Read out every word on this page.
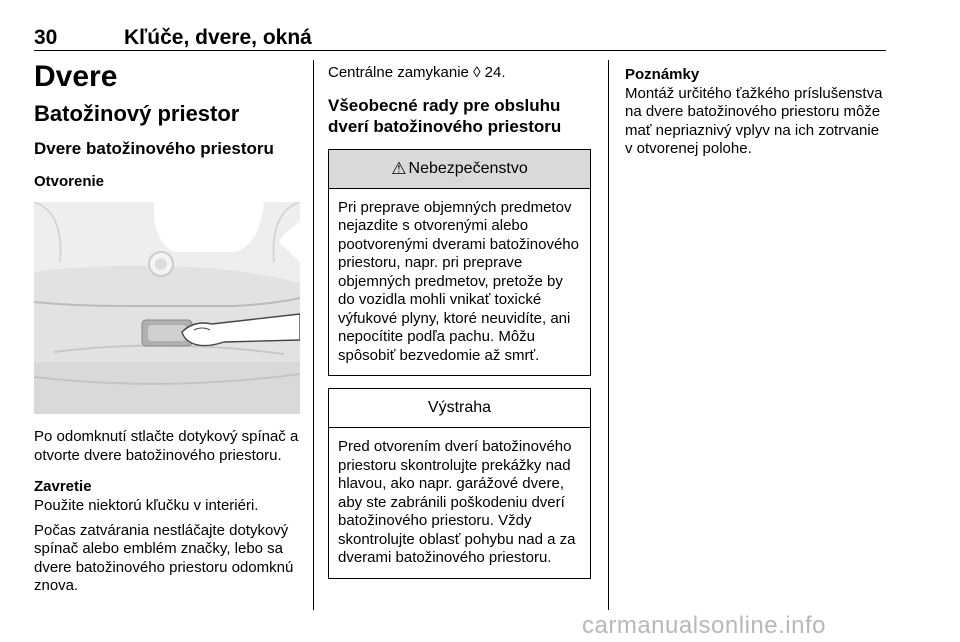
30	Kľúče, dvere, okná
Dvere
Batožinový priestor
Dvere batožinového priestoru
Otvorenie

Po odomknutí stlačte dotykový spínač a otvorte dvere batožinového priestoru.

Zavretie

Použite niektorú kľučku v interiéri.

Počas zatvárania nestláčajte dotykový spínač alebo emblém značky, lebo sa dvere batožinového priestoru odomknú znova.

Centrálne zamykanie ◊ 24.

Všeobecné rady pre obsluhu dverí batožinového priestoru
⚠ Nebezpečenstvo
Pri preprave objemných predmetov nejazdite s otvorenými alebo pootvorenými dverami batožinového priestoru, napr. pri preprave objemných predmetov, pretože by do vozidla mohli vnikať toxické výfukové plyny, ktoré neuvidíte, ani nepocítite podľa pachu. Môžu spôsobiť bezvedomie až smrť.
Výstraha
Pred otvorením dverí batožinového priestoru skontrolujte prekážky nad hlavou, ako napr. garážové dvere, aby ste zabránili poškodeniu dverí batožinového priestoru. Vždy skontrolujte oblasť pohybu nad a za dverami batožinového priestoru.
Poznámky

Montáž určitého ťažkého príslušenstva na dvere batožinového priestoru môže mať nepriaznivý vplyv na ich zotrvanie v otvorenej polohe.

carmanualsonline.info
